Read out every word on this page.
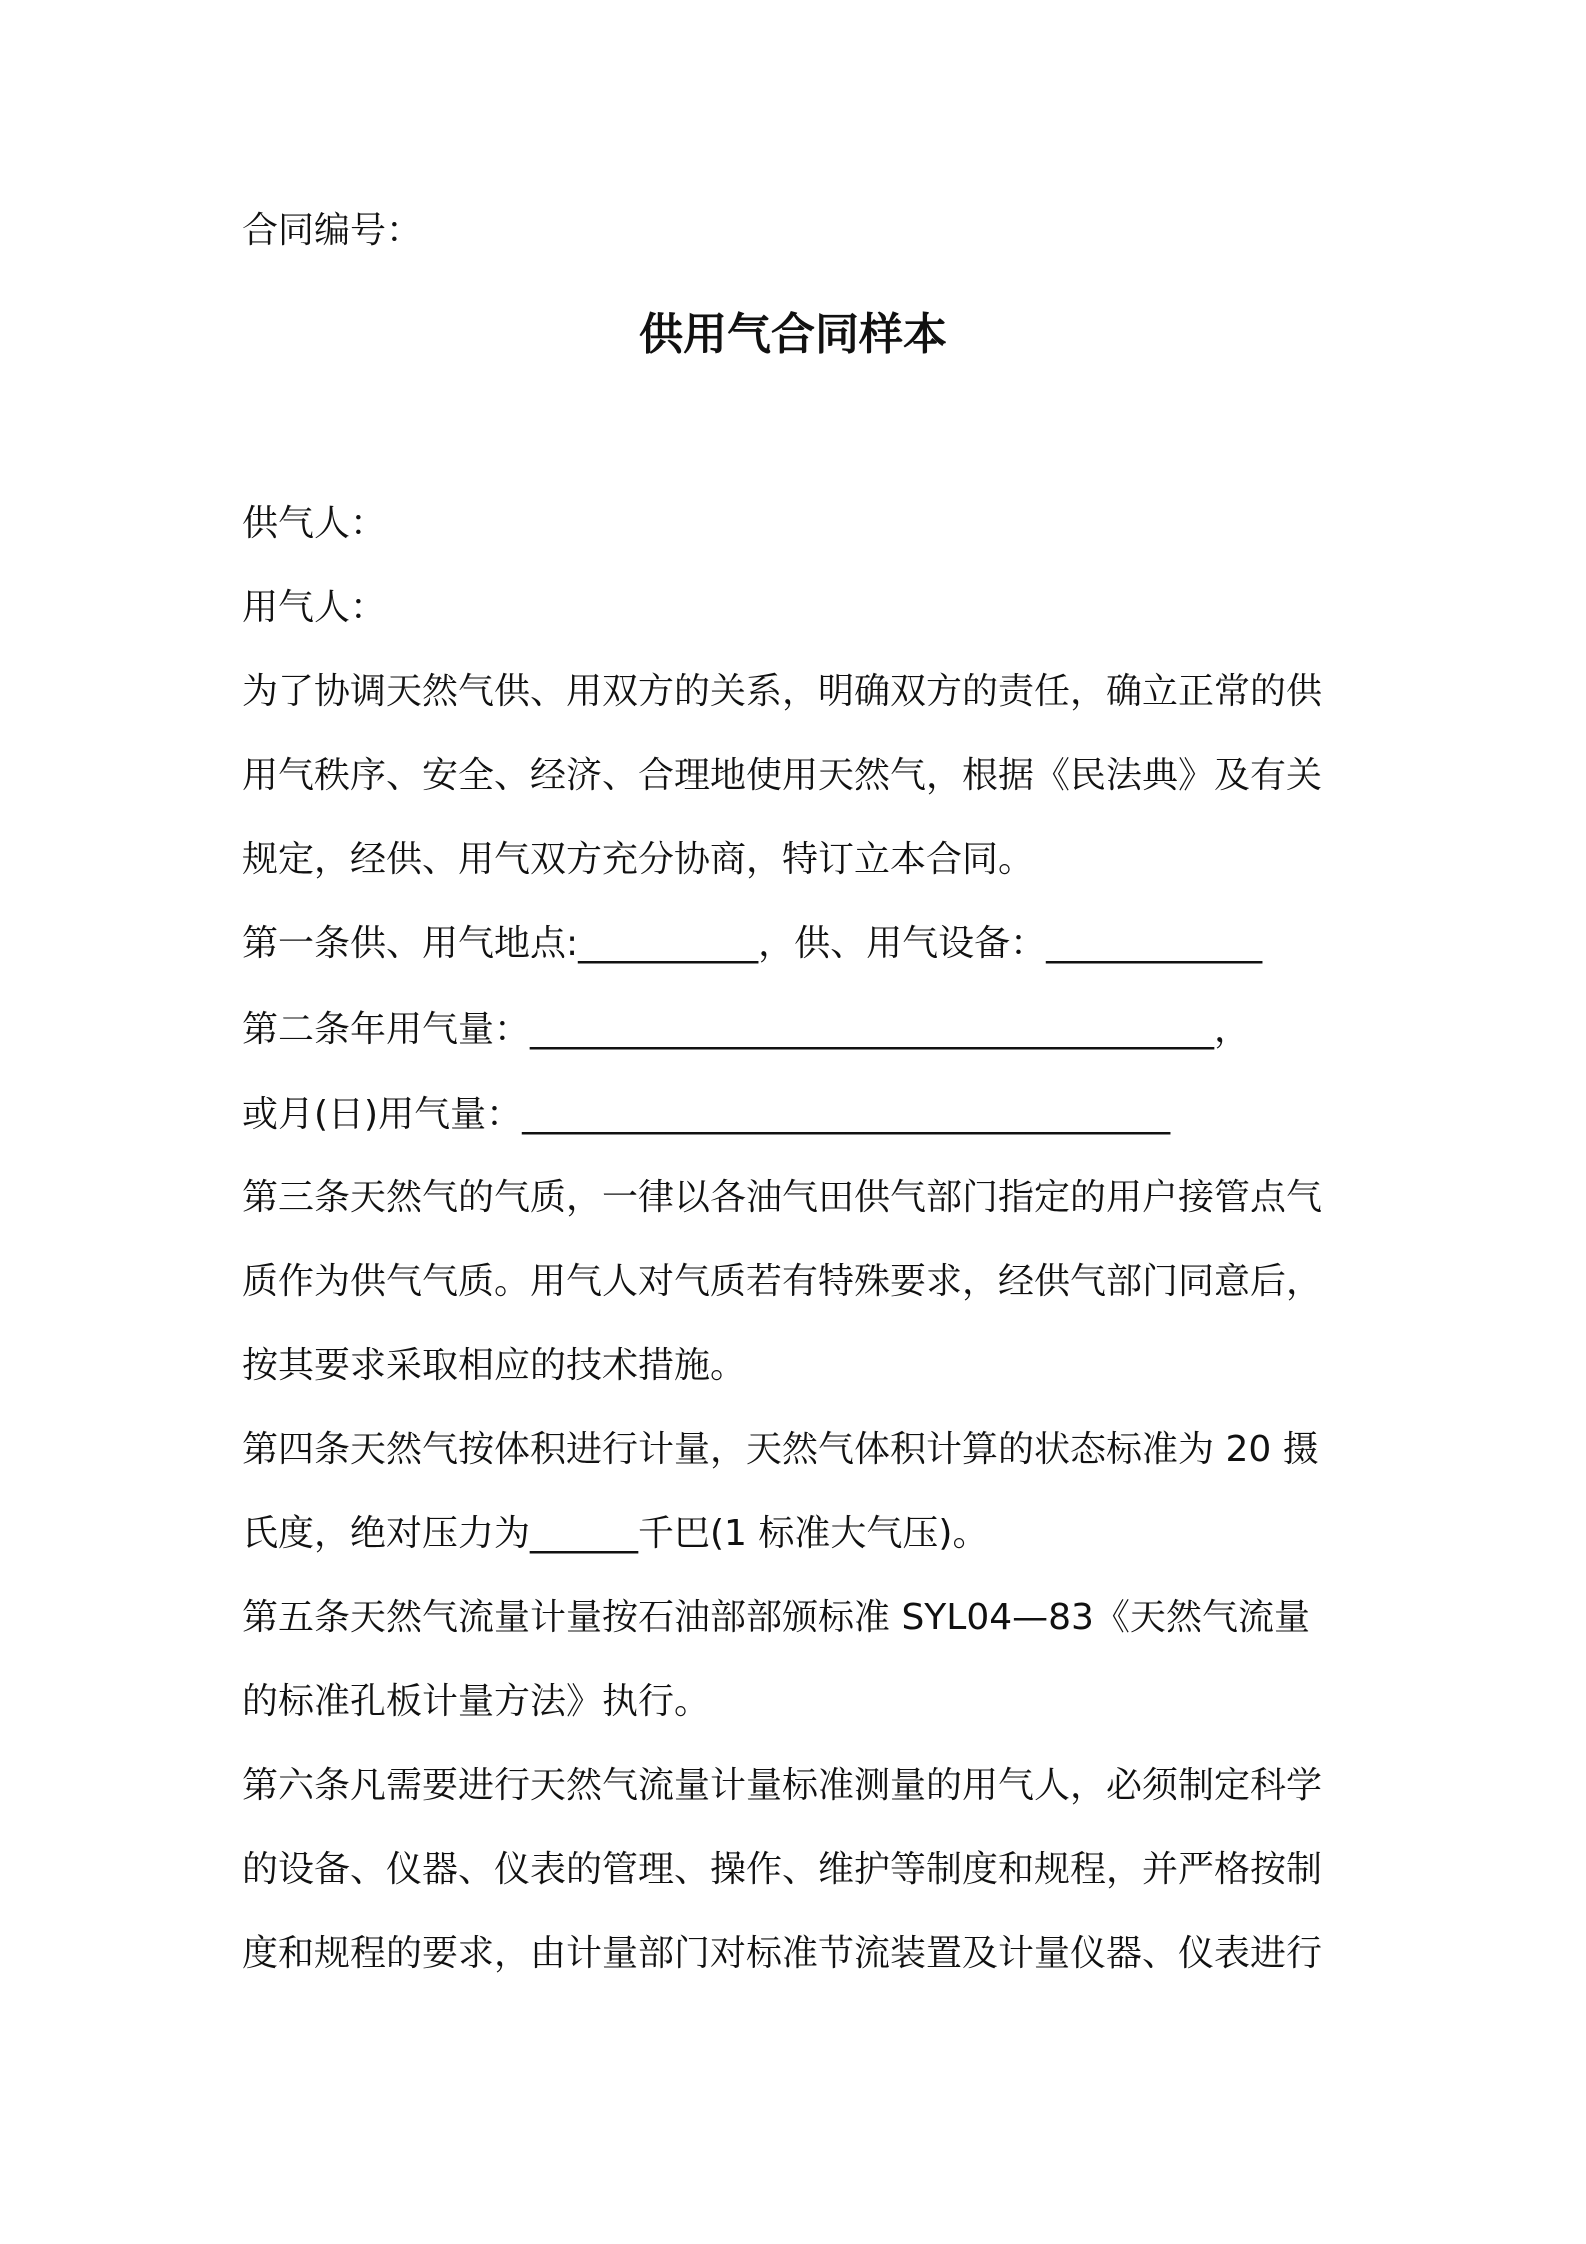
合同编号：
供用气合同样本
供气人：
用气人：
为了协调天然气供、用双方的关系，明确双方的责任，确立正常的供
用气秩序、安全、经济、合理地使用天然气，根据《民法典》及有关
规定，经供、用气双方充分协商，特订立本合同。
第一条供、用气地点:__________，供、用气设备：____________
第二条年用气量：______________________________________，
或月(日)用气量：____________________________________
第三条天然气的气质，一律以各油气田供气部门指定的用户接管点气
质作为供气气质。用气人对气质若有特殊要求，经供气部门同意后，
按其要求采取相应的技术措施。
第四条天然气按体积进行计量，天然气体积计算的状态标准为 20 摄
氏度，绝对压力为______千巴(1 标准大气压)。
第五条天然气流量计量按石油部部颁标准 SYL04—83《天然气流量
的标准孔板计量方法》执行。
第六条凡需要进行天然气流量计量标准测量的用气人，必须制定科学
的设备、仪器、仪表的管理、操作、维护等制度和规程，并严格按制
度和规程的要求，由计量部门对标准节流装置及计量仪器、仪表进行
